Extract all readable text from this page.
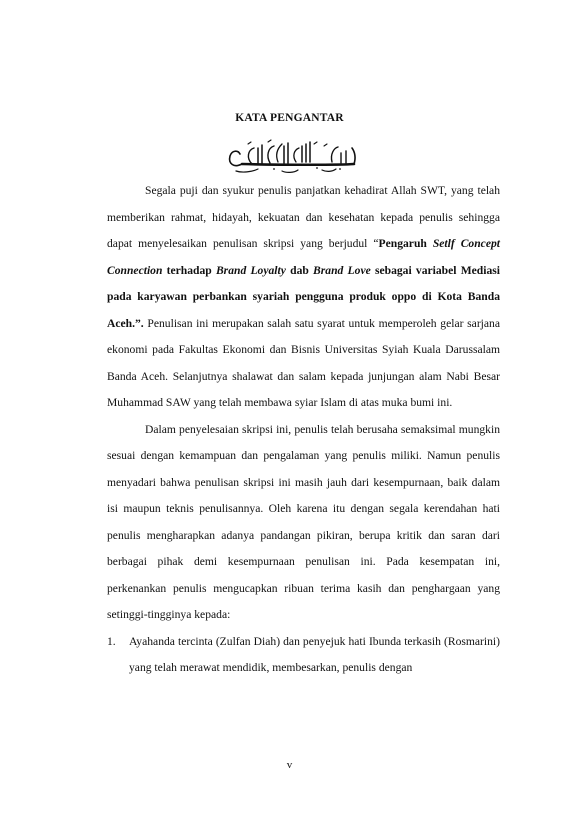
KATA PENGANTAR

Segala puji dan syukur penulis panjatkan kehadirat Allah SWT, yang telah memberikan rahmat, hidayah, kekuatan dan kesehatan kepada penulis sehingga dapat menyelesaikan penulisan skripsi yang berjudul “Pengaruh Setlf Concept Connection terhadap Brand Loyalty dab Brand Love sebagai variabel Mediasi pada karyawan perbankan syariah pengguna produk oppo di Kota Banda Aceh.”. Penulisan ini merupakan salah satu syarat untuk memperoleh gelar sarjana ekonomi pada Fakultas Ekonomi dan Bisnis Universitas Syiah Kuala Darussalam Banda Aceh. Selanjutnya shalawat dan salam kepada junjungan alam Nabi Besar Muhammad SAW yang telah membawa syiar Islam di atas muka bumi ini.

Dalam penyelesaian skripsi ini, penulis telah berusaha semaksimal mungkin sesuai dengan kemampuan dan pengalaman yang penulis miliki. Namun penulis menyadari bahwa penulisan skripsi ini masih jauh dari kesempurnaan, baik dalam isi maupun teknis penulisannya. Oleh karena itu dengan segala kerendahan hati penulis mengharapkan adanya pandangan pikiran, berupa kritik dan saran dari berbagai pihak demi kesempurnaan penulisan ini. Pada kesempatan ini, perkenankan penulis mengucapkan ribuan terima kasih dan penghargaan yang setinggi-tingginya kepada:

1. Ayahanda tercinta (Zulfan Diah) dan penyejuk hati Ibunda terkasih (Rosmarini) yang telah merawat mendidik, membesarkan, penulis dengan
v
